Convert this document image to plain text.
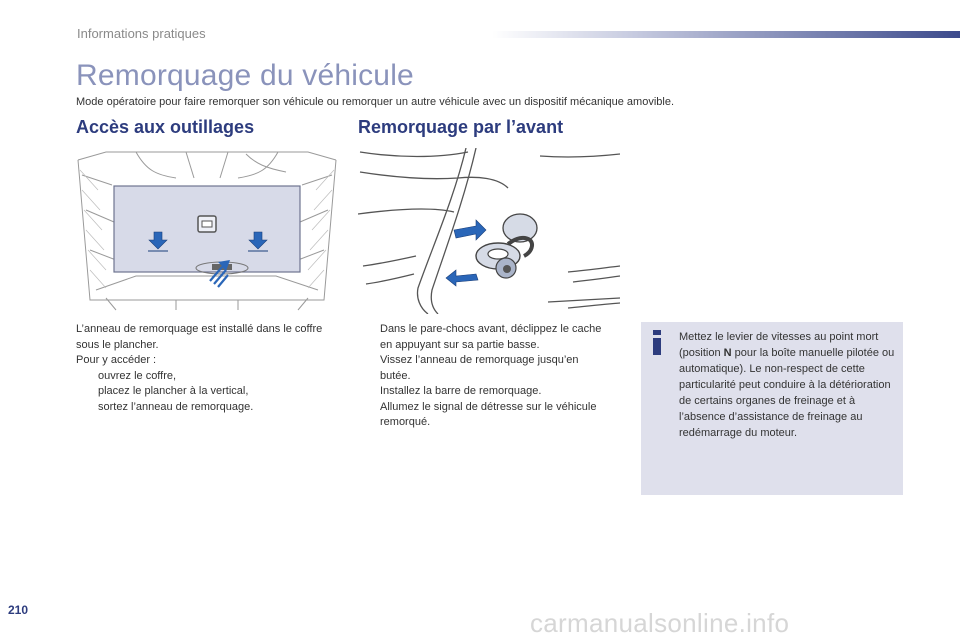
Informations pratiques
Remorquage du véhicule
Mode opératoire pour faire remorquer son véhicule ou remorquer un autre véhicule avec un dispositif mécanique amovible.
Accès aux outillages

L’anneau de remorquage est installé dans le coffre sous le plancher.

Pour y accéder :

ouvrez le coffre,
placez le plancher à la vertical,
sortez l’anneau de remorquage.
Remorquage par l’avant
Dans le pare-chocs avant, déclippez le cache en appuyant sur sa partie basse.
Vissez l’anneau de remorquage jusqu’en butée.
Installez la barre de remorquage.
Allumez le signal de détresse sur le véhicule remorqué.
Mettez le levier de vitesses au point mort (position N pour la boîte manuelle pilotée ou automatique). Le non-respect de cette particularité peut conduire à la détérioration de certains organes de freinage et à l’absence d’assistance de freinage au redémarrage du moteur.
210	carmanualsonline.info
